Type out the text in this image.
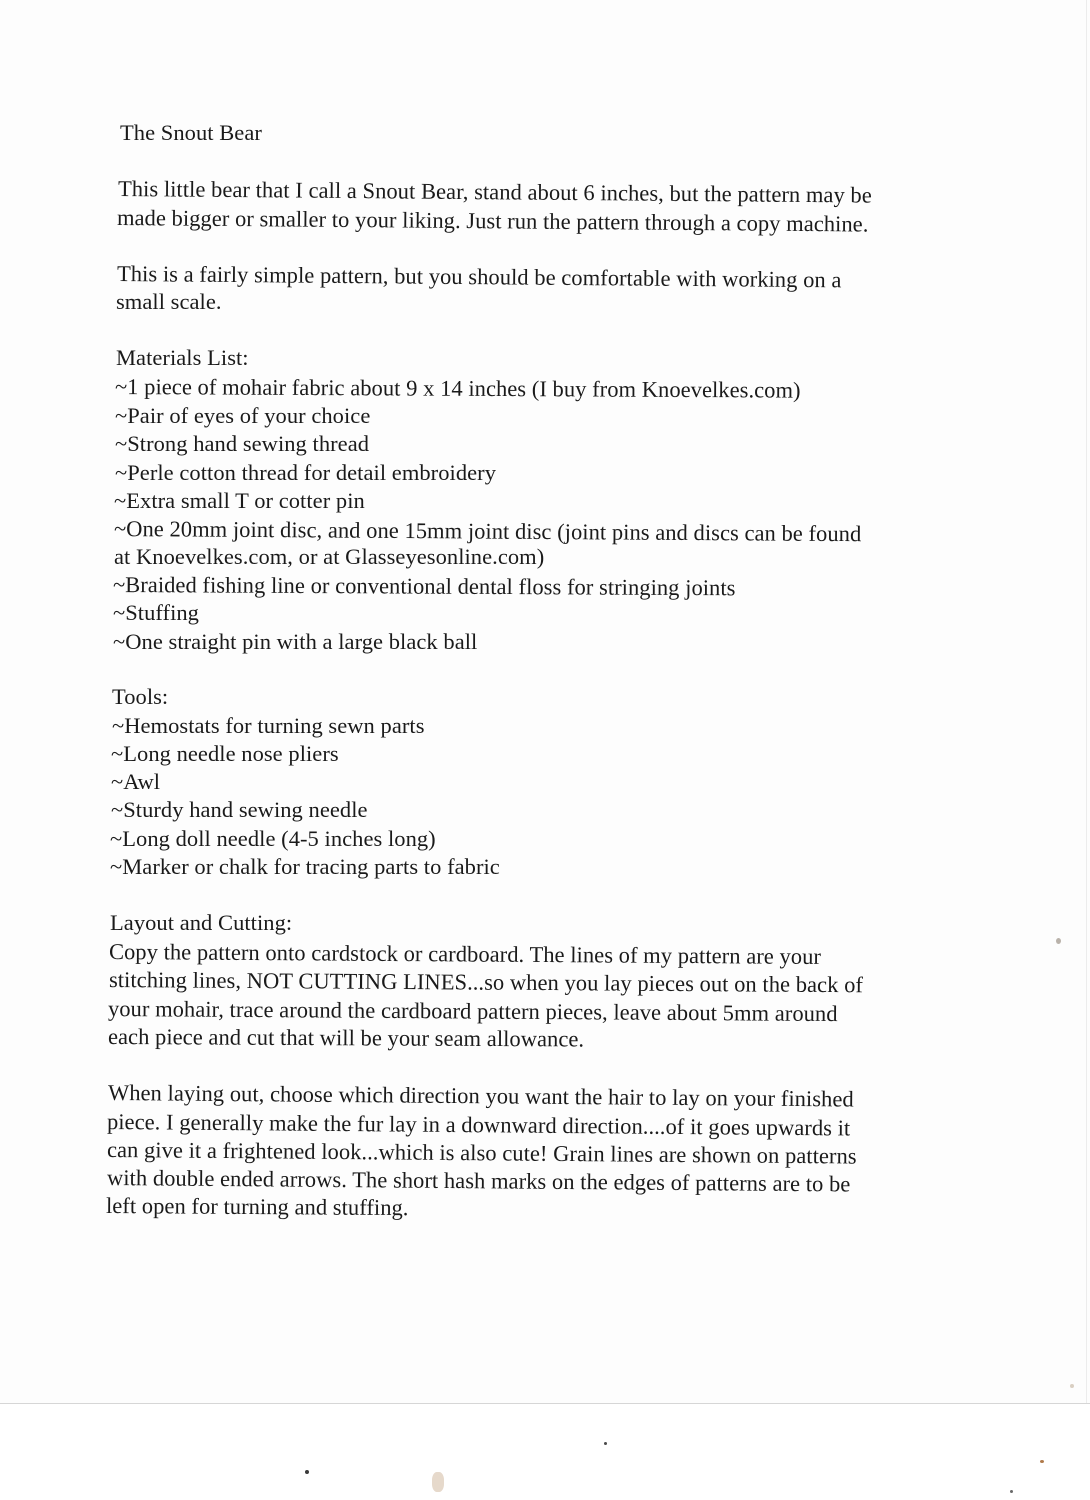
The Snout Bear
This little bear that I call a Snout Bear, stand about 6 inches, but the pattern may be
made bigger or smaller to your liking. Just run the pattern through a copy machine.
This is a fairly simple pattern, but you should be comfortable with working on a
small scale.
Materials List:
~1 piece of mohair fabric about 9 x 14 inches (I buy from Knoevelkes.com)
~Pair of eyes of your choice
~Strong hand sewing thread
~Perle cotton thread for detail embroidery
~Extra small T or cotter pin
~One 20mm joint disc, and one 15mm joint disc (joint pins and discs can be found
at Knoevelkes.com, or at Glasseyesonline.com)
~Braided fishing line or conventional dental floss for stringing joints
~Stuffing
~One straight pin with a large black ball
Tools:
~Hemostats for turning sewn parts
~Long needle nose pliers
~Awl
~Sturdy hand sewing needle
~Long doll needle (4-5 inches long)
~Marker or chalk for tracing parts to fabric
Layout and Cutting:
Copy the pattern onto cardstock or cardboard. The lines of my pattern are your
stitching lines, NOT CUTTING LINES...so when you lay pieces out on the back of
your mohair, trace around the cardboard pattern pieces, leave about 5mm around
each piece and cut that will be your seam allowance.
When laying out, choose which direction you want the hair to lay on your finished
piece. I generally make the fur lay in a downward direction....of it goes upwards it
can give it a frightened look...which is also cute! Grain lines are shown on patterns
with double ended arrows. The short hash marks on the edges of patterns are to be
left open for turning and stuffing.
